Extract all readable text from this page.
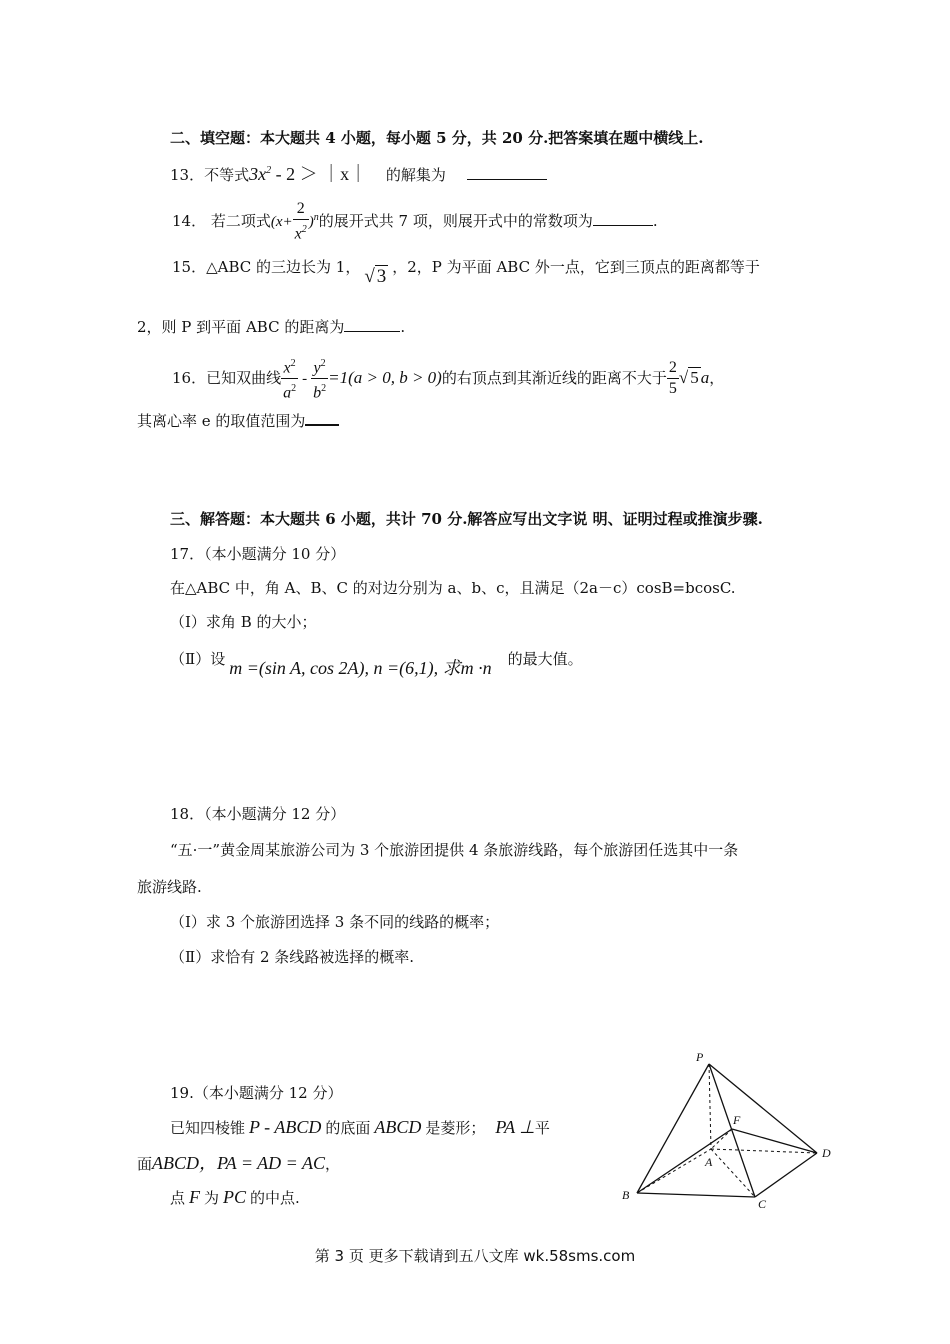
二、填空题：本大题共 4 小题，每小题 5 分，共 20 分.把答案填在题中横线上.
13．不等式$3x^2 - 2$ ＞ ｜x｜ 的解集为
14． 若二项式$(x+ \frac{2}{x^2} )^n$的展开式共 7 项，则展开式中的常数项为	.
15．△ABC 的三边长为 1， √ 3 ，2，P 为平面 ABC 外一点，它到三顶点的距离都等于
2，则 P 到平面 ABC 的距离为	.
16．已知双曲线 $\frac{x^2}{a^2} - \frac{y^2}{b^2} =1(a > 0$, b > 0)的右顶点到其渐近线的距离不大于 $\frac{2}{5}$ √ 5 a，
其离心率 e 的取值范围为
三、解答题：本大题共 6 小题，共计 70 分.解答应写出文字说 明、证明过程或推演步骤.
17．（本小题满分 10 分）
在△ABC 中，角 A、B、C 的对边分别为 a、b、c，且满足（2a－c）cosB=bcosC.
（Ⅰ）求角 B 的大小；
（Ⅱ）设 m =(sin A, cos 2A), n =(6,1), 求m ·n 的最大值。
18．（本小题满分 12 分）
“五·一”黄金周某旅游公司为 3 个旅游团提供 4 条旅游线路，每个旅游团任选其中一条
旅游线路.
（Ⅰ）求 3 个旅游团选择 3 条不同的线路的概率；
（Ⅱ）求恰有 2 条线路被选择的概率.
19.（本小题满分 12 分）
已知四棱锥 P - ABCD 的底面 ABCD 是菱形； PA ⊥平
面ABCD，PA = AD = AC，
点 F 为 PC 的中点.
P
F
A
D
B
C
第 3 页 更多下载请到五八文库 wk.58sms.com
